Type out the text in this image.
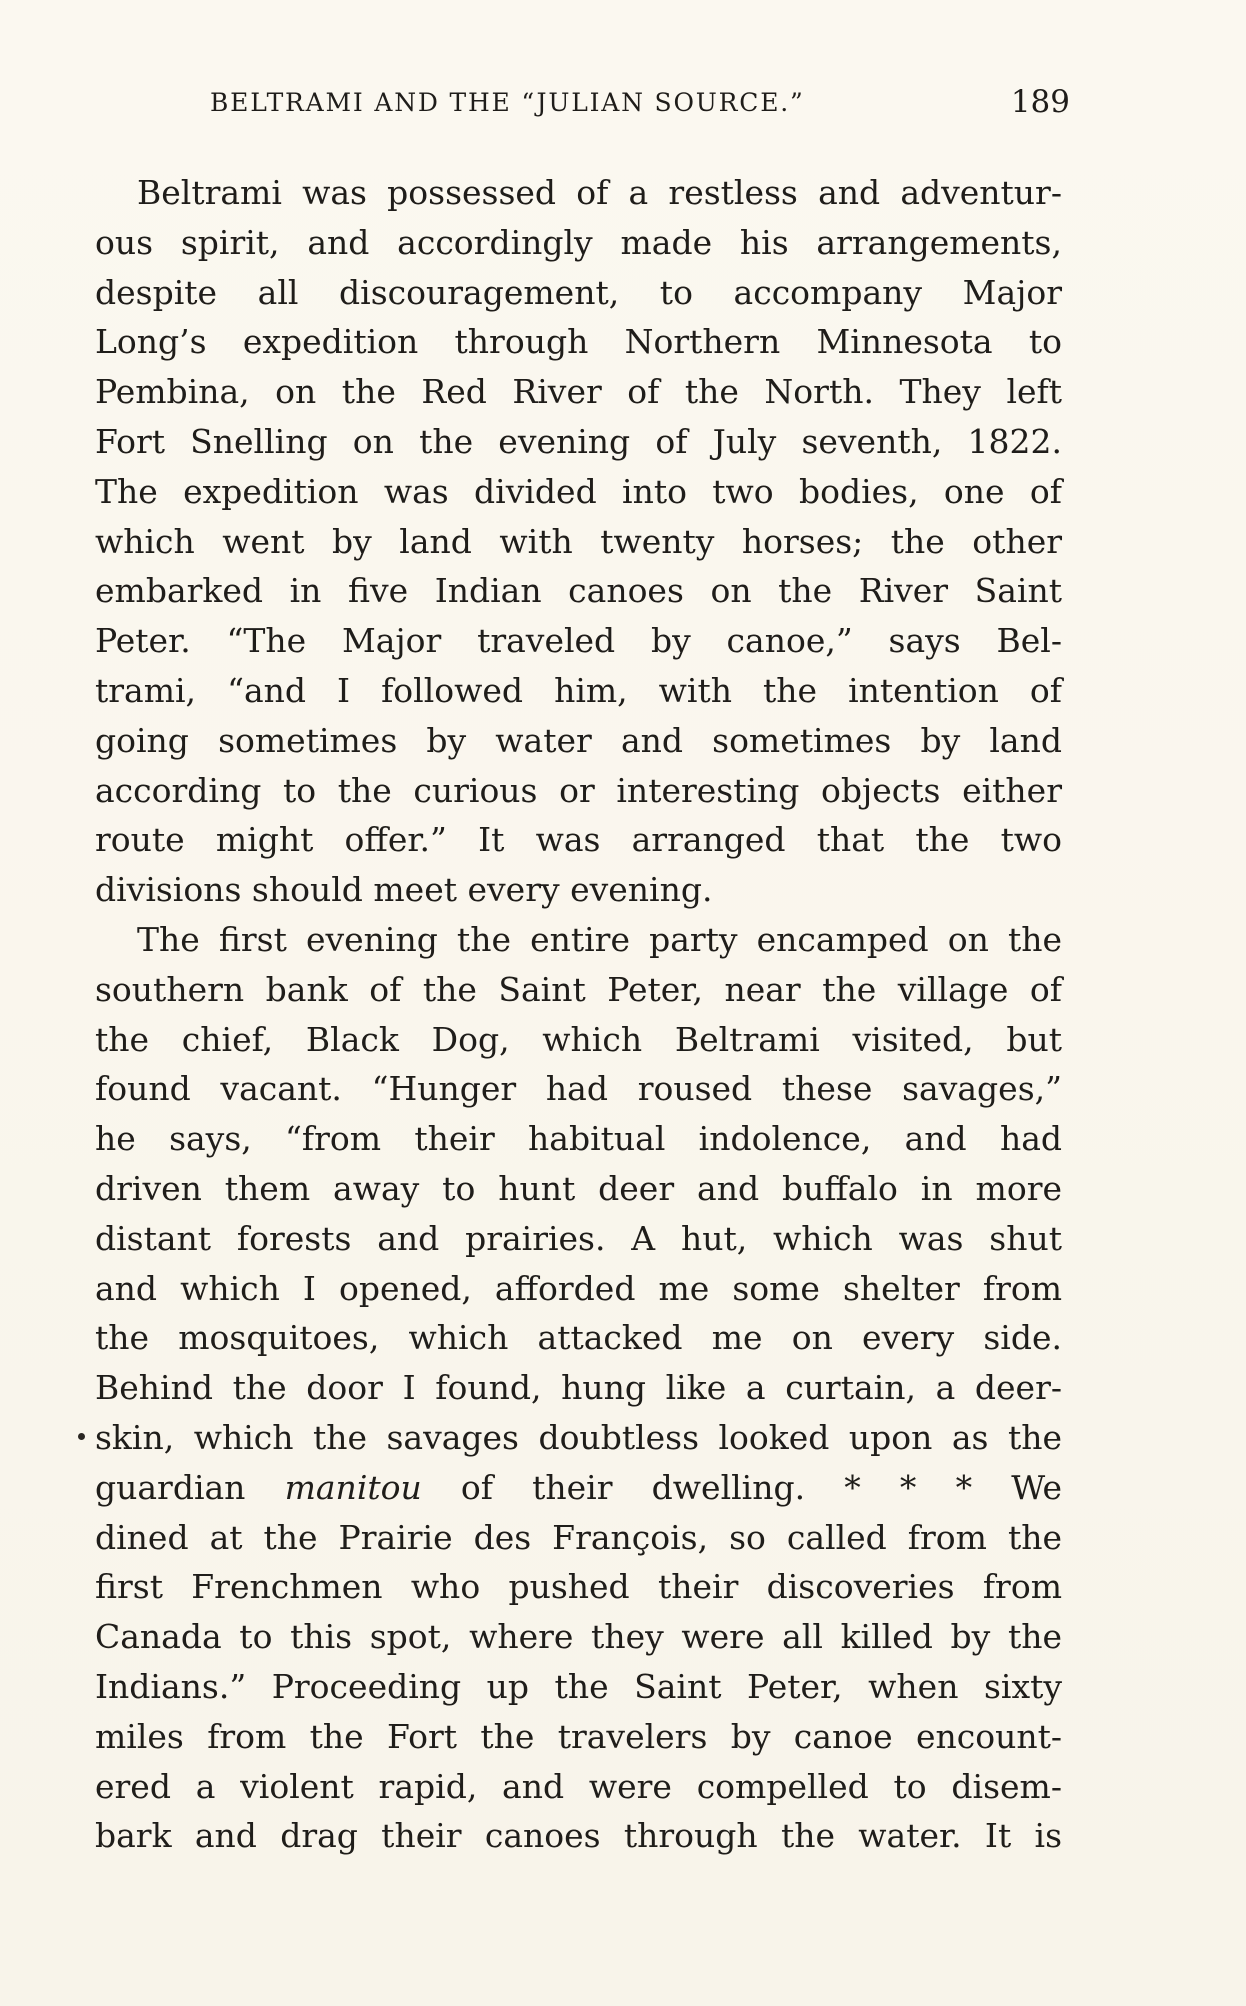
BELTRAMI AND THE “JULIAN SOURCE.”	189
Beltrami was possessed of a restless and adventur-
ous spirit, and accordingly made his arrangements,
despite all discouragement, to accompany Major
Long’s expedition through Northern Minnesota to
Pembina, on the Red River of the North. They left
Fort Snelling on the evening of July seventh, 1822.
The expedition was divided into two bodies, one of
which went by land with twenty horses; the other
embarked in five Indian canoes on the River Saint
Peter. “The Major traveled by canoe,” says Bel-
trami, “and I followed him, with the intention of
going sometimes by water and sometimes by land
according to the curious or interesting objects either
route might offer.” It was arranged that the two
divisions should meet every evening.
The first evening the entire party encamped on the
southern bank of the Saint Peter, near the village of
the chief, Black Dog, which Beltrami visited, but
found vacant. “Hunger had roused these savages,”
he says, “from their habitual indolence, and had
driven them away to hunt deer and buffalo in more
distant forests and prairies. A hut, which was shut
and which I opened, afforded me some shelter from
the mosquitoes, which attacked me on every side.
Behind the door I found, hung like a curtain, a deer-
skin, which the savages doubtless looked upon as the
guardian manitou of their dwelling. * * * We
dined at the Prairie des François, so called from the
first Frenchmen who pushed their discoveries from
Canada to this spot, where they were all killed by the
Indians.” Proceeding up the Saint Peter, when sixty
miles from the Fort the travelers by canoe encount-
ered a violent rapid, and were compelled to disem-
bark and drag their canoes through the water. It is
